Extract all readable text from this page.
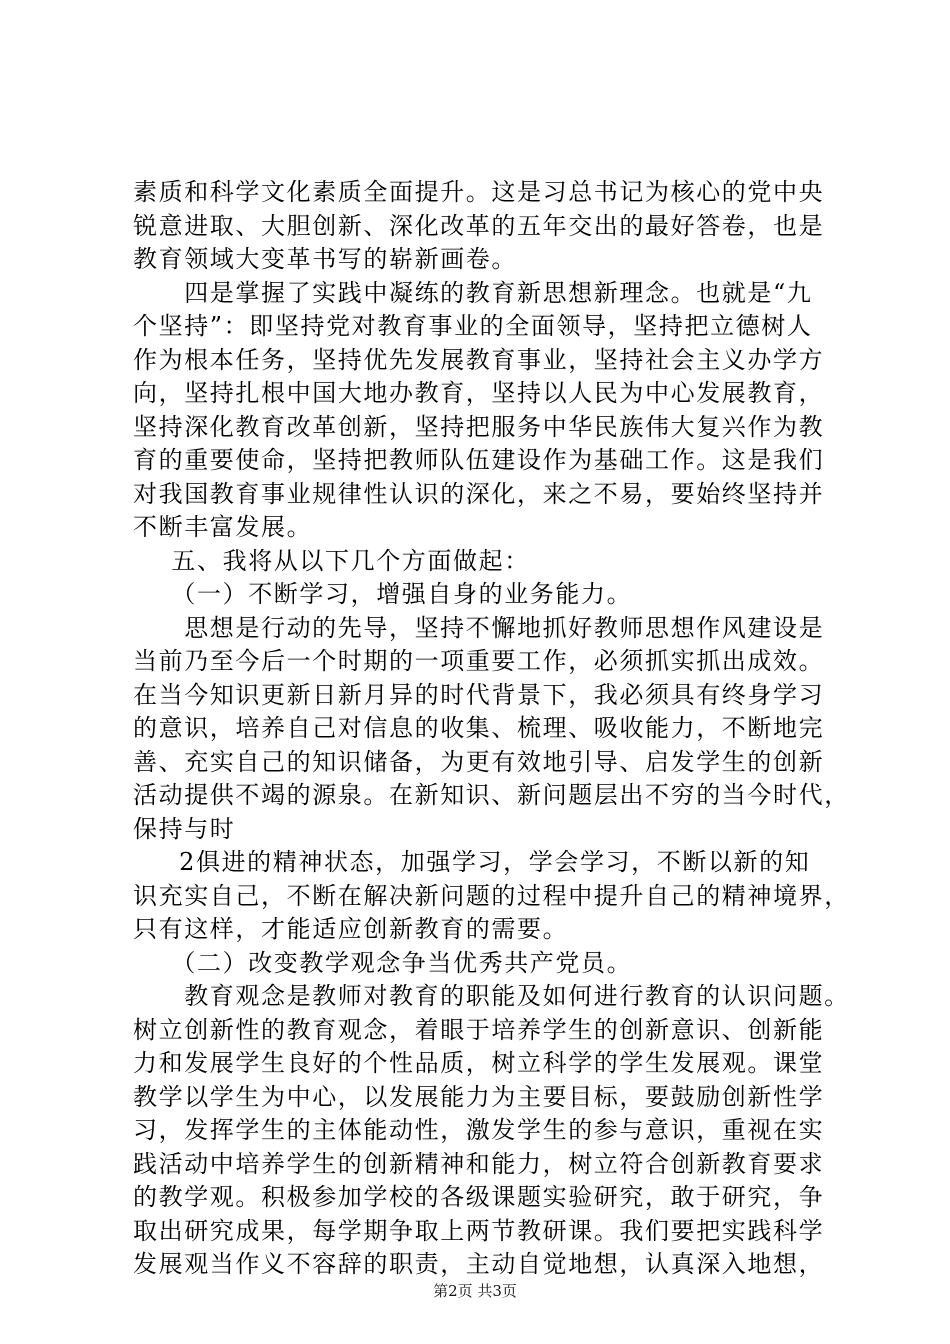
素质和科学文化素质全面提升。这是习总书记为核心的党中央
锐意进取、大胆创新、深化改革的五年交出的最好答卷，也是
教育领域大变革书写的崭新画卷。
四是掌握了实践中凝练的教育新思想新理念。也就是“九
个坚持”：即坚持党对教育事业的全面领导，坚持把立德树人
作为根本任务，坚持优先发展教育事业，坚持社会主义办学方
向，坚持扎根中国大地办教育，坚持以人民为中心发展教育，
坚持深化教育改革创新，坚持把服务中华民族伟大复兴作为教
育的重要使命，坚持把教师队伍建设作为基础工作。这是我们
对我国教育事业规律性认识的深化，来之不易，要始终坚持并
不断丰富发展。
五、我将从以下几个方面做起：
（一）不断学习，增强自身的业务能力。
思想是行动的先导，坚持不懈地抓好教师思想作风建设是
当前乃至今后一个时期的一项重要工作，必须抓实抓出成效。
在当今知识更新日新月异的时代背景下，我必须具有终身学习
的意识，培养自己对信息的收集、梳理、吸收能力，不断地完
善、充实自己的知识储备，为更有效地引导、启发学生的创新
活动提供不竭的源泉。在新知识、新问题层出不穷的当今时代，
保持与时
2俱进的精神状态，加强学习，学会学习，不断以新的知
识充实自己，不断在解决新问题的过程中提升自己的精神境界，
只有这样，才能适应创新教育的需要。
（二）改变教学观念争当优秀共产党员。
教育观念是教师对教育的职能及如何进行教育的认识问题。
树立创新性的教育观念，着眼于培养学生的创新意识、创新能
力和发展学生良好的个性品质，树立科学的学生发展观。课堂
教学以学生为中心，以发展能力为主要目标，要鼓励创新性学
习，发挥学生的主体能动性，激发学生的参与意识，重视在实
践活动中培养学生的创新精神和能力，树立符合创新教育要求
的教学观。积极参加学校的各级课题实验研究，敢于研究，争
取出研究成果，每学期争取上两节教研课。我们要把实践科学
发展观当作义不容辞的职责，主动自觉地想，认真深入地想，
第2页 共3页
